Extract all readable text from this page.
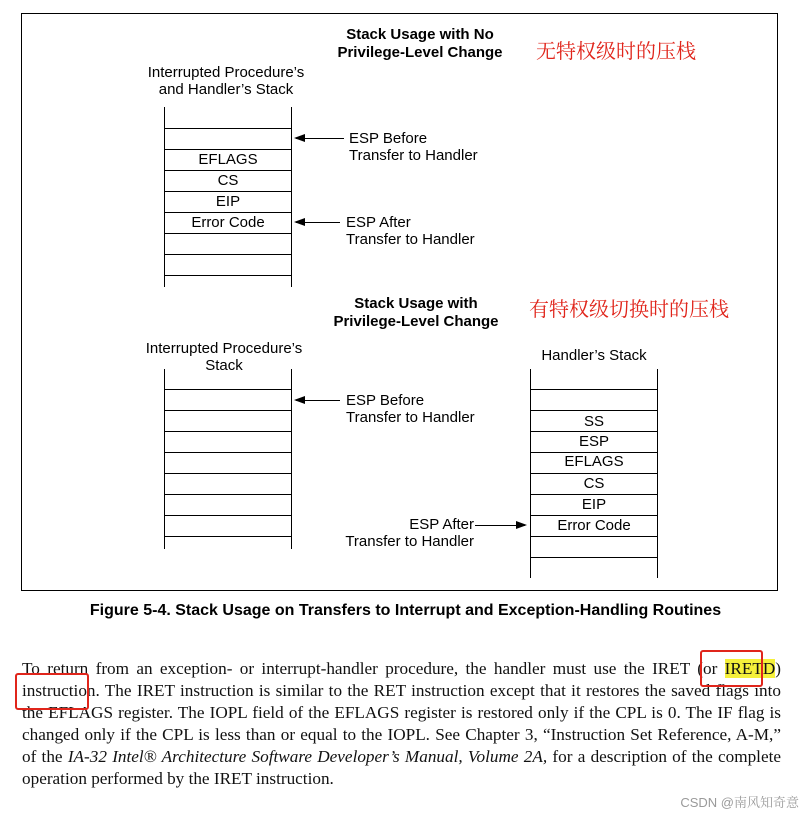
Stack Usage with No
Privilege-Level Change	无特权级时的压栈
Interrupted Procedure’s
and Handler’s Stack
EFLAGS
CS
EIP
Error Code
ESP Before
Transfer to Handler
ESP After
Transfer to Handler
Stack Usage with
Privilege-Level Change
有特权级切换时的压栈
Interrupted Procedure’s
Stack
Handler’s Stack
ESP Before
Transfer to Handler	SS
ESP
EFLAGS
CS
EIP
Error Code
ESP After
Transfer to Handler
Figure 5-4. Stack Usage on Transfers to Interrupt and Exception-Handling Routines
To return from an exception- or interrupt-handler procedure, the handler must use the IRET (or IRETD) instruction. The IRET instruction is similar to the RET instruction except that it restores the saved flags into the EFLAGS register. The IOPL field of the EFLAGS register is restored only if the CPL is 0. The IF flag is changed only if the CPL is less than or equal to the IOPL. See Chapter 3, “Instruction Set Reference, A-M,” of the IA-32 Intel® Architecture Software Developer’s Manual, Volume 2A, for a description of the complete operation performed by the IRET instruction.
CSDN @南风知奇意
